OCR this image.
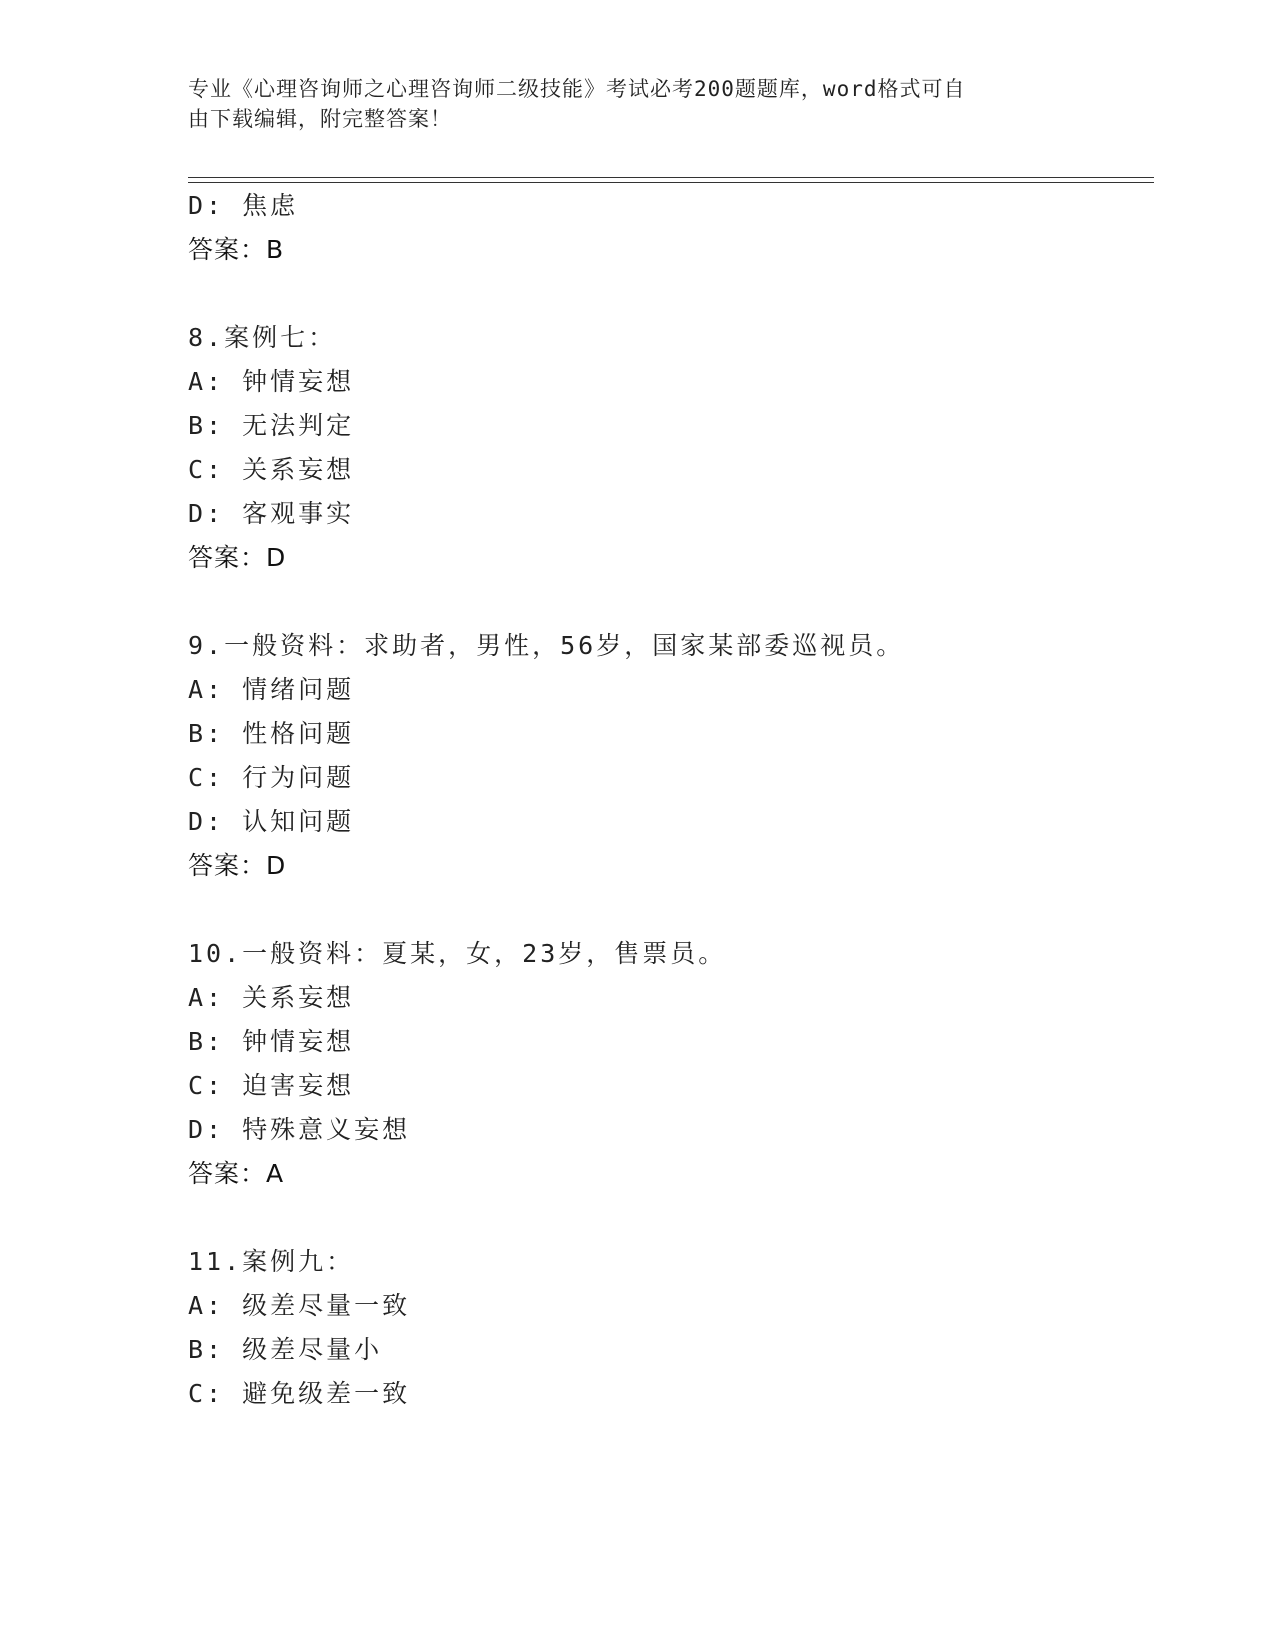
专业《心理咨询师之心理咨询师二级技能》考试必考200题题库，word格式可自
由下载编辑，附完整答案！
D: 焦虑
答案：B
8.案例七：
A: 钟情妄想
B: 无法判定
C: 关系妄想
D: 客观事实
答案：D
9.一般资料：求助者，男性，56岁，国家某部委巡视员。
A: 情绪问题
B: 性格问题
C: 行为问题
D: 认知问题
答案：D
10.一般资料：夏某，女，23岁，售票员。
A: 关系妄想
B: 钟情妄想
C: 迫害妄想
D: 特殊意义妄想
答案：A
11.案例九：
A: 级差尽量一致
B: 级差尽量小
C: 避免级差一致
